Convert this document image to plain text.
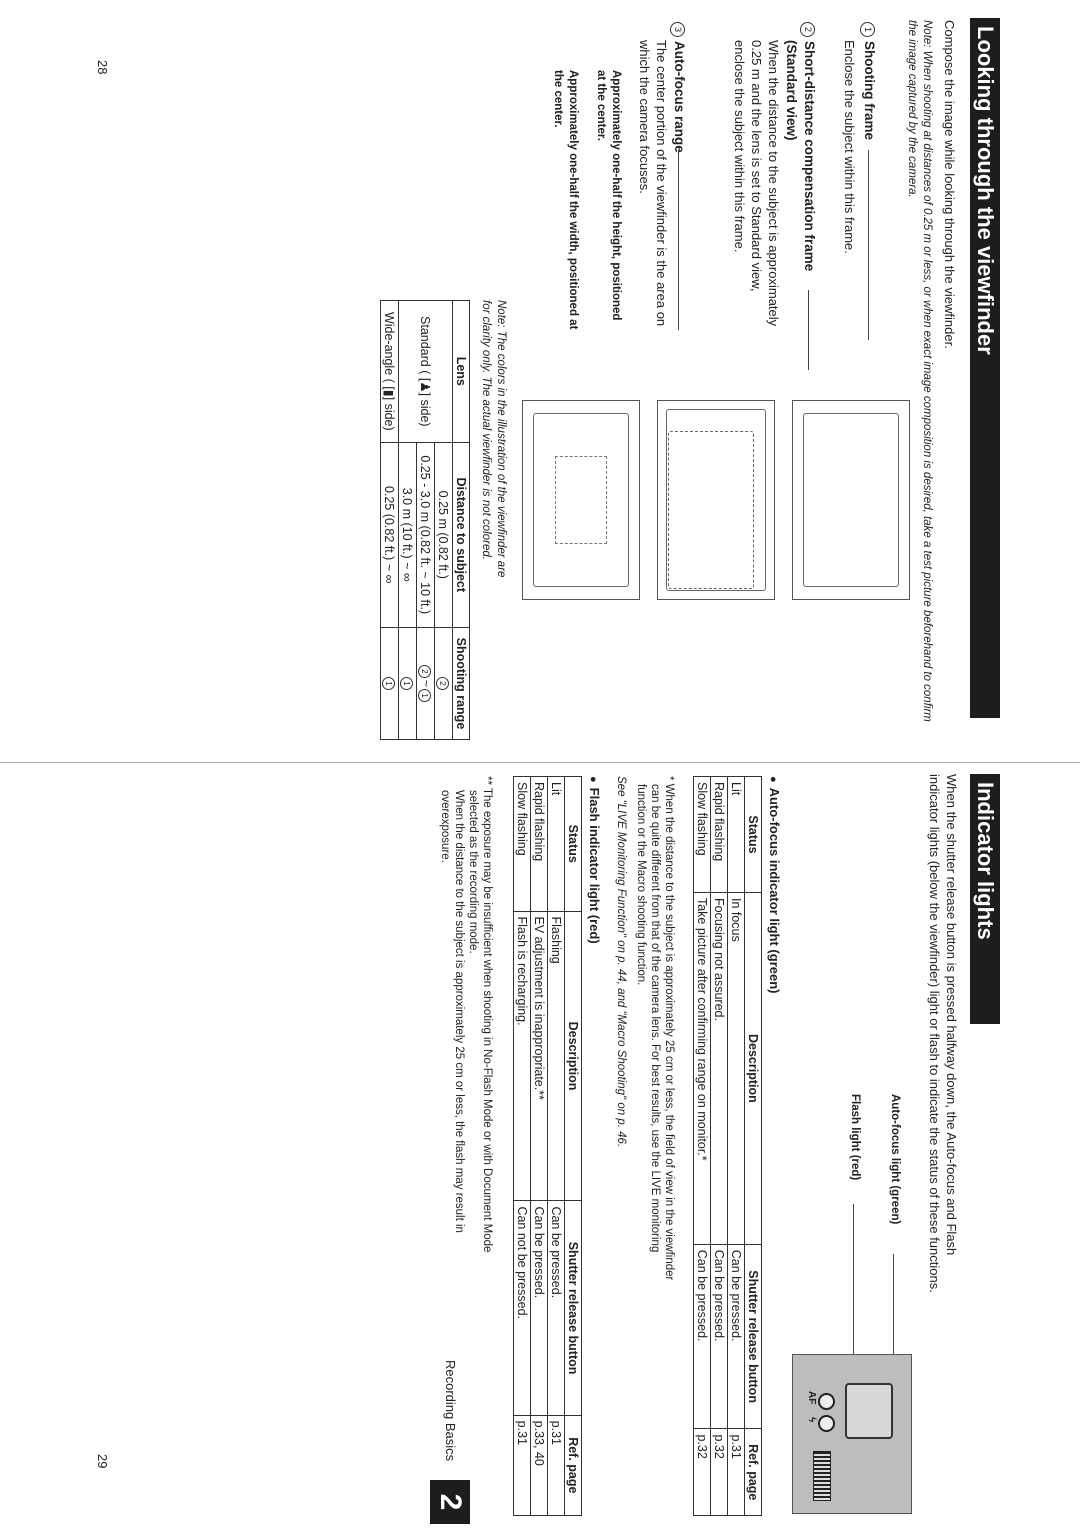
Looking through the viewfinder
Compose the image while looking through the viewfinder.
Note: When shooting at distances of 0.25 m or less, or when exact image composition is desired, take a test picture beforehand to confirm the image captured by the camera.
1Shooting frame
Enclose the subject within this frame.
2Short-distance compensation frame
(Standard view)
When the distance to the subject is approximately
0.25 m and the lens is set to Standard view,
enclose the subject within this frame.
3Auto-focus range
The center portion of the viewfinder is the area on
which the camera focuses.
Approximately one-half the height, positioned
at the center.
Approximately one-half the width, positioned at
the center.
Note: The colors in the illustration of the viewfinder are
for clarity only. The actual viewfinder is not colored.
Lens	Distance to subject	Shooting range
Standard ( [♟] side)	0.25 m (0.82 ft.)	2
	0.25 - 3.0 m (0.82 ft. ~ 10 ft.)	2~1
	3.0 m (10 ft.) ~ ∞	1
Wide-angle ( [▮] side)	0.25 (0.82 ft.) ~ ∞	1
28
Indicator lights
When the shutter release button is pressed halfway down, the Auto-focus and Flash
indicator lights (below the viewfinder) light or flash to indicate the status of these functions.
Auto-focus light (green)
Flash light (red)
AF
ϟ
● Auto-focus indicator light (green)
Status	Description	Shutter release button	Ref. page
Lit	In focus	Can be pressed.	p.31
Rapid flashing	Focusing not assured.	Can be pressed.	p.32
Slow flashing	Take picture after confirming range on monitor.*	Can be pressed.	p.32
* When the distance to the subject is approximately 25 cm or less, the field of view in the viewfinder
can be quite different from that of the camera lens. For best results, use the LIVE monitoring
function or the Macro shooting function.
See "LIVE Monitoring Function" on p. 44, and "Macro Shooting" on p. 46.
● Flash indicator light (red)
Status	Description	Shutter release button	Ref. page
Lit	Flashing	Can be pressed.	p.31
Rapid flashing	EV adjustment is inappropriate.**	Can be pressed.	p.33, 40
Slow flashing	Flash is recharging.	Can not be pressed.	p.31
** The exposure may be insufficient when shooting in No-Flash Mode or with Document Mode
selected as the recording mode.
When the distance to the subject is approximately 25 cm or less, the flash may result in
overexposure.
2
Recording Basics
29
